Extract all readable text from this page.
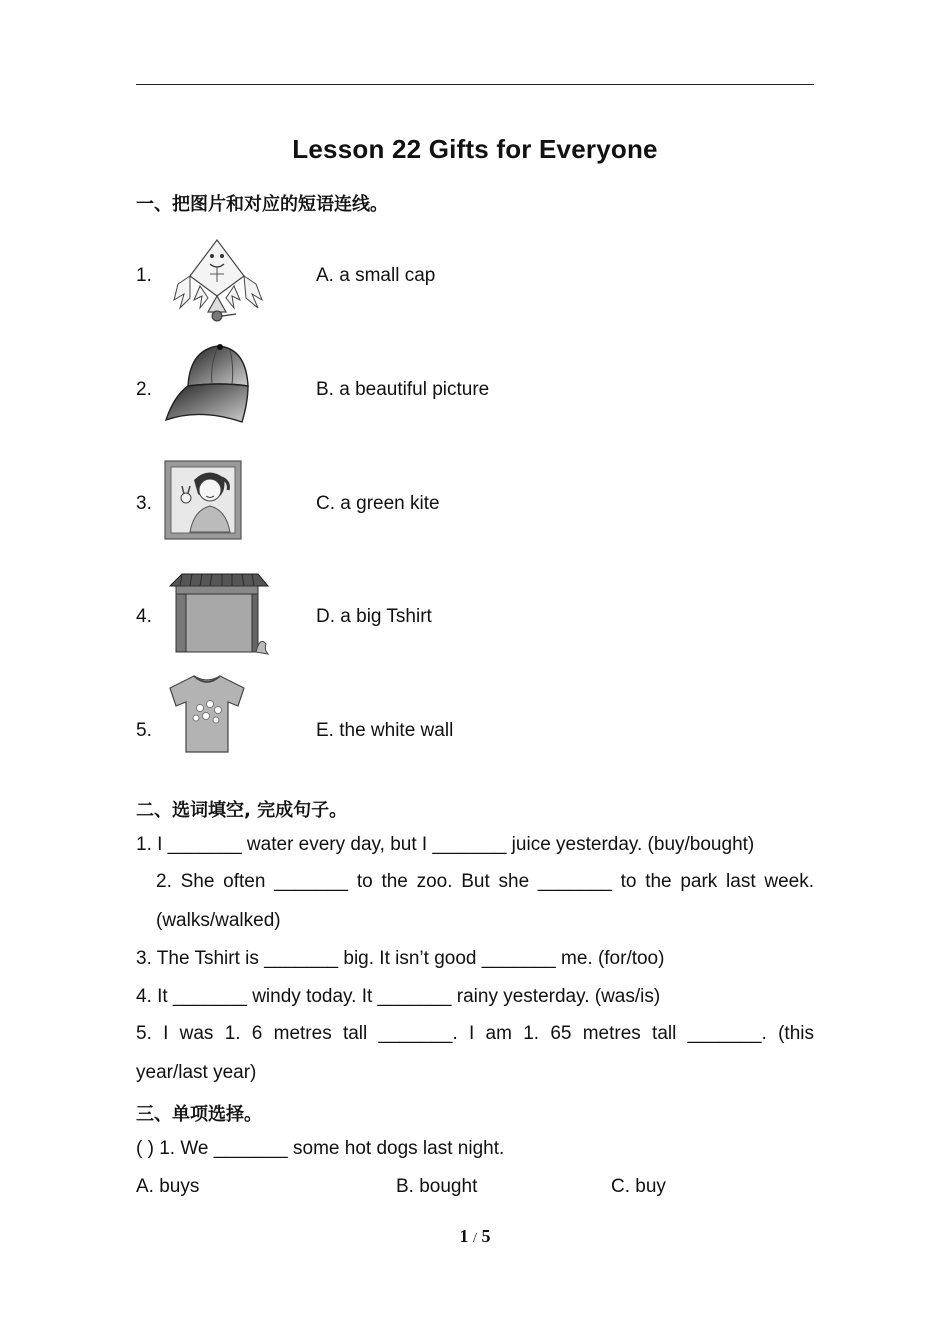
Lesson 22 Gifts for Everyone
一、把图片和对应的短语连线。
1.	A. a small cap
2.	B. a beautiful picture
3.	C. a green kite
4.	D. a big Tshirt
5.	E. the white wall
二、选词填空, 完成句子。
1. I _______ water every day, but I _______ juice yesterday. (buy/bought)
2. She often _______ to the zoo. But she _______ to the park last week.
(walks/walked)
3. The Tshirt is _______ big. It isn’t good _______ me. (for/too)
4. It _______ windy today. It _______ rainy yesterday. (was/is)
5. I was 1. 6 metres tall _______. I am 1. 65 metres tall _______. (this
year/last year)
三、单项选择。
( ) 1. We _______ some hot dogs last night.
A. buys	B. bought	C. buy
1 / 5
